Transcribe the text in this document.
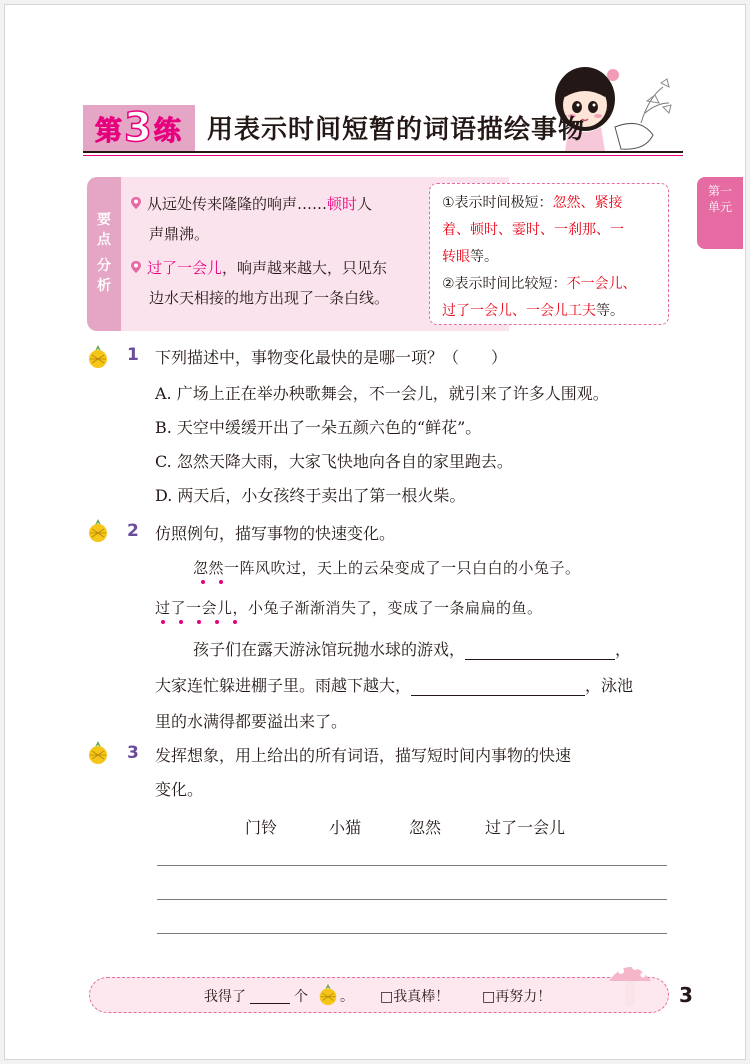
第 3 练 用表示时间短暂的词语描绘事物
第一
单元
要
点
分
析
从远处传来隆隆的响声……顿时人
声鼎沸。
过了一会儿，响声越来越大，只见东
边水天相接的地方出现了一条白线。
①表示时间极短：忽然、紧接
着、顿时、霎时、一刹那、一
转眼等。
②表示时间比较短：不一会儿、
过了一会儿、一会儿工夫等。
1 下列描述中，事物变化最快的是哪一项？（　　）
A. 广场上正在举办秧歌舞会，不一会儿，就引来了许多人围观。
B. 天空中缓缓开出了一朵五颜六色的“鲜花”。
C. 忽然天降大雨，大家飞快地向各自的家里跑去。
D. 两天后，小女孩终于卖出了第一根火柴。
2 仿照例句，描写事物的快速变化。
忽然一阵风吹过，天上的云朵变成了一只白白的小兔子。
过了一会儿，小兔子渐渐消失了，变成了一条扁扁的鱼。
孩子们在露天游泳馆玩抛水球的游戏，	，
大家连忙躲进棚子里。雨越下越大，	，泳池
里的水满得都要溢出来了。
3 发挥想象，用上给出的所有词语，描写短时间内事物的快速
变化。
门铃	小猫	忽然	过了一会儿
我得了	个 。 □我真棒！ □再努力！	3
